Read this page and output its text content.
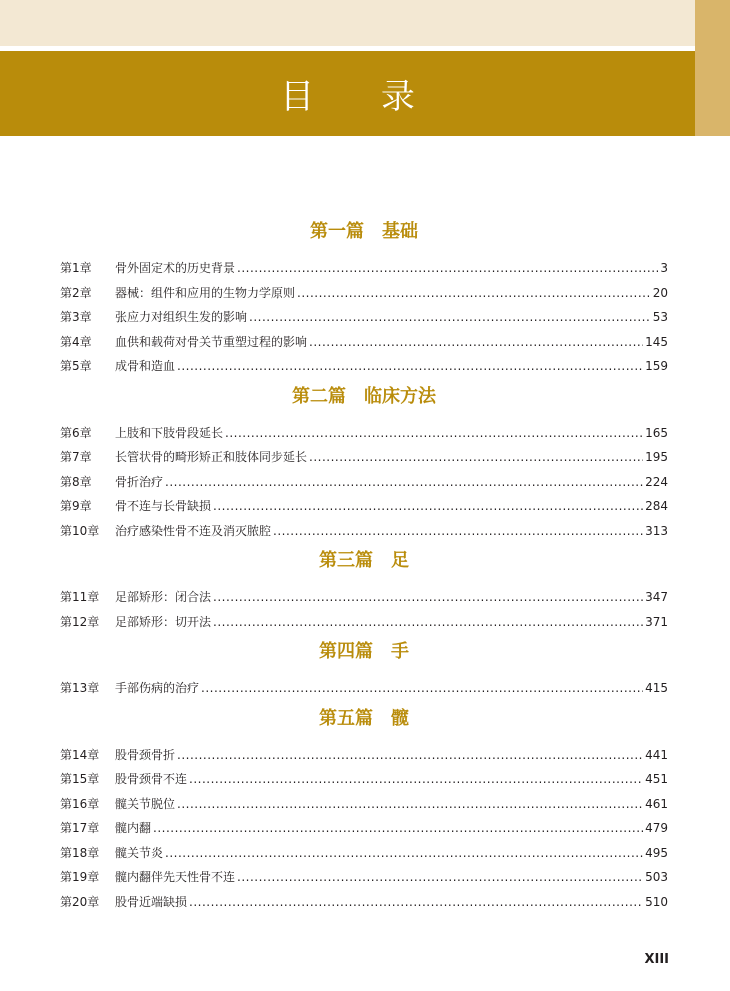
目 录
第一篇　基础
第1章	骨外固定术的历史背景 .....	3
第2章	器械：组件和应用的生物力学原则 .....	20
第3章	张应力对组织生发的影响 .....	53
第4章	血供和载荷对骨关节重塑过程的影响 .....	145
第5章	成骨和造血 .....	159
第二篇　临床方法
第6章	上肢和下肢骨段延长 .....	165
第7章	长管状骨的畸形矫正和肢体同步延长 .....	195
第8章	骨折治疗 .....	224
第9章	骨不连与长骨缺损 .....	284
第10章	治疗感染性骨不连及消灭脓腔 .....	313
第三篇　足
第11章	足部矫形：闭合法 .....	347
第12章	足部矫形：切开法 .....	371
第四篇　手
第13章	手部伤病的治疗 .....	415
第五篇　髋
第14章	股骨颈骨折 .....	441
第15章	股骨颈骨不连 .....	451
第16章	髋关节脱位 .....	461
第17章	髋内翻 .....	479
第18章	髋关节炎 .....	495
第19章	髋内翻伴先天性骨不连 .....	503
第20章	股骨近端缺损 .....	510
XIII
